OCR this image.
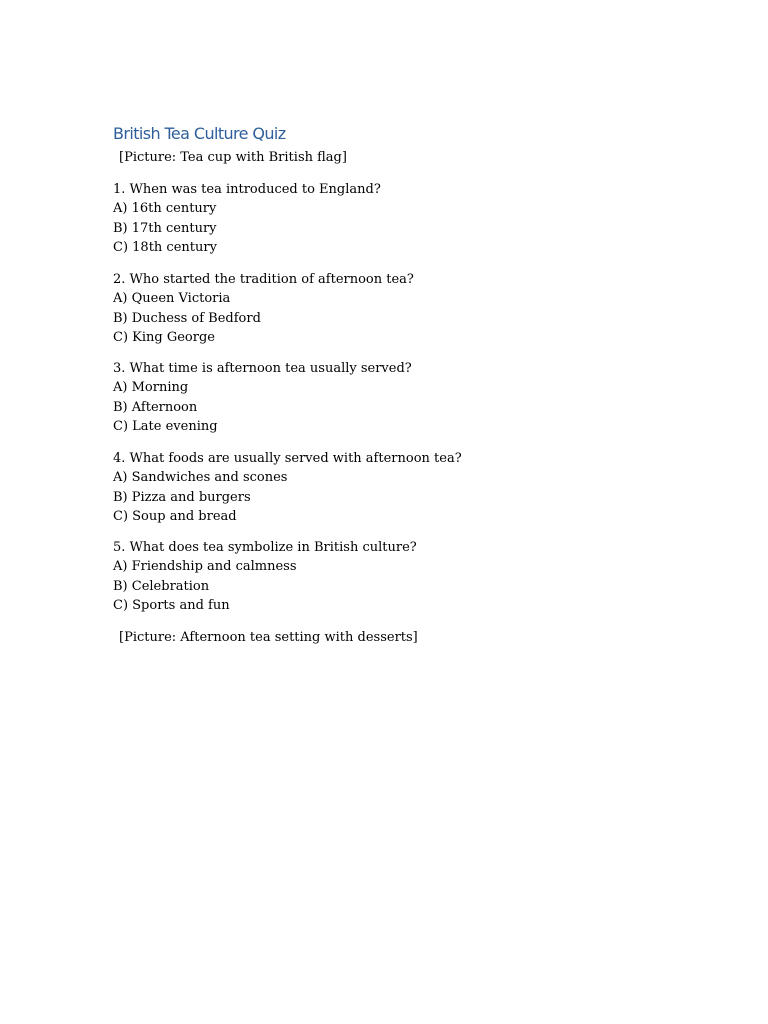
British Tea Culture Quiz
[Picture: Tea cup with British flag]
1. When was tea introduced to England?
A) 16th century
B) 17th century
C) 18th century
2. Who started the tradition of afternoon tea?
A) Queen Victoria
B) Duchess of Bedford
C) King George
3. What time is afternoon tea usually served?
A) Morning
B) Afternoon
C) Late evening
4. What foods are usually served with afternoon tea?
A) Sandwiches and scones
B) Pizza and burgers
C) Soup and bread
5. What does tea symbolize in British culture?
A) Friendship and calmness
B) Celebration
C) Sports and fun
[Picture: Afternoon tea setting with desserts]
